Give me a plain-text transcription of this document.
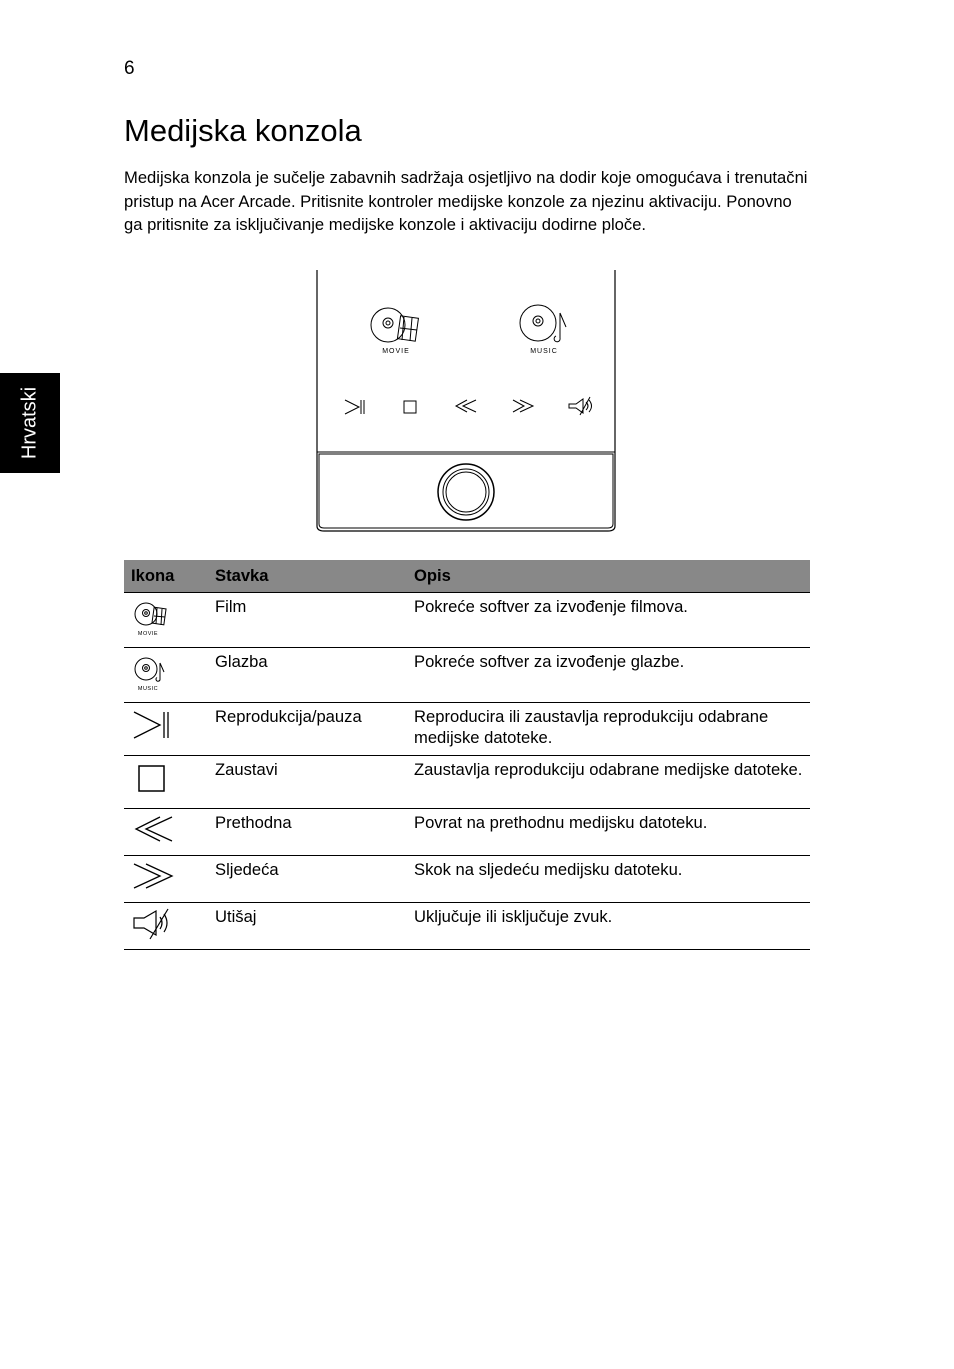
6
Hrvatski
Medijska konzola

Medijska konzola je sučelje zabavnih sadržaja osjetljivo na dodir koje omogućava i trenutačni pristup na Acer Arcade. Pritisnite kontroler medijske konzole za njezinu aktivaciju. Ponovno ga pritisnite za isključivanje medijske konzole i aktivaciju dodirne ploče.

MOVIE	MUSIC
Ikona	Stavka	Opis

MOVIE	Film	Pokreće softver za izvođenje filmova.

MUSIC	Glazba	Pokreće softver za izvođenje glazbe.

	Reprodukcija/pauza	Reproducira ili zaustavlja reprodukciju odabrane medijske datoteke.

	Zaustavi	Zaustavlja reprodukciju odabrane medijske datoteke.

	Prethodna	Povrat na prethodnu medijsku datoteku.

	Sljedeća	Skok na sljedeću medijsku datoteku.

	Utišaj	Uključuje ili isključuje zvuk.
